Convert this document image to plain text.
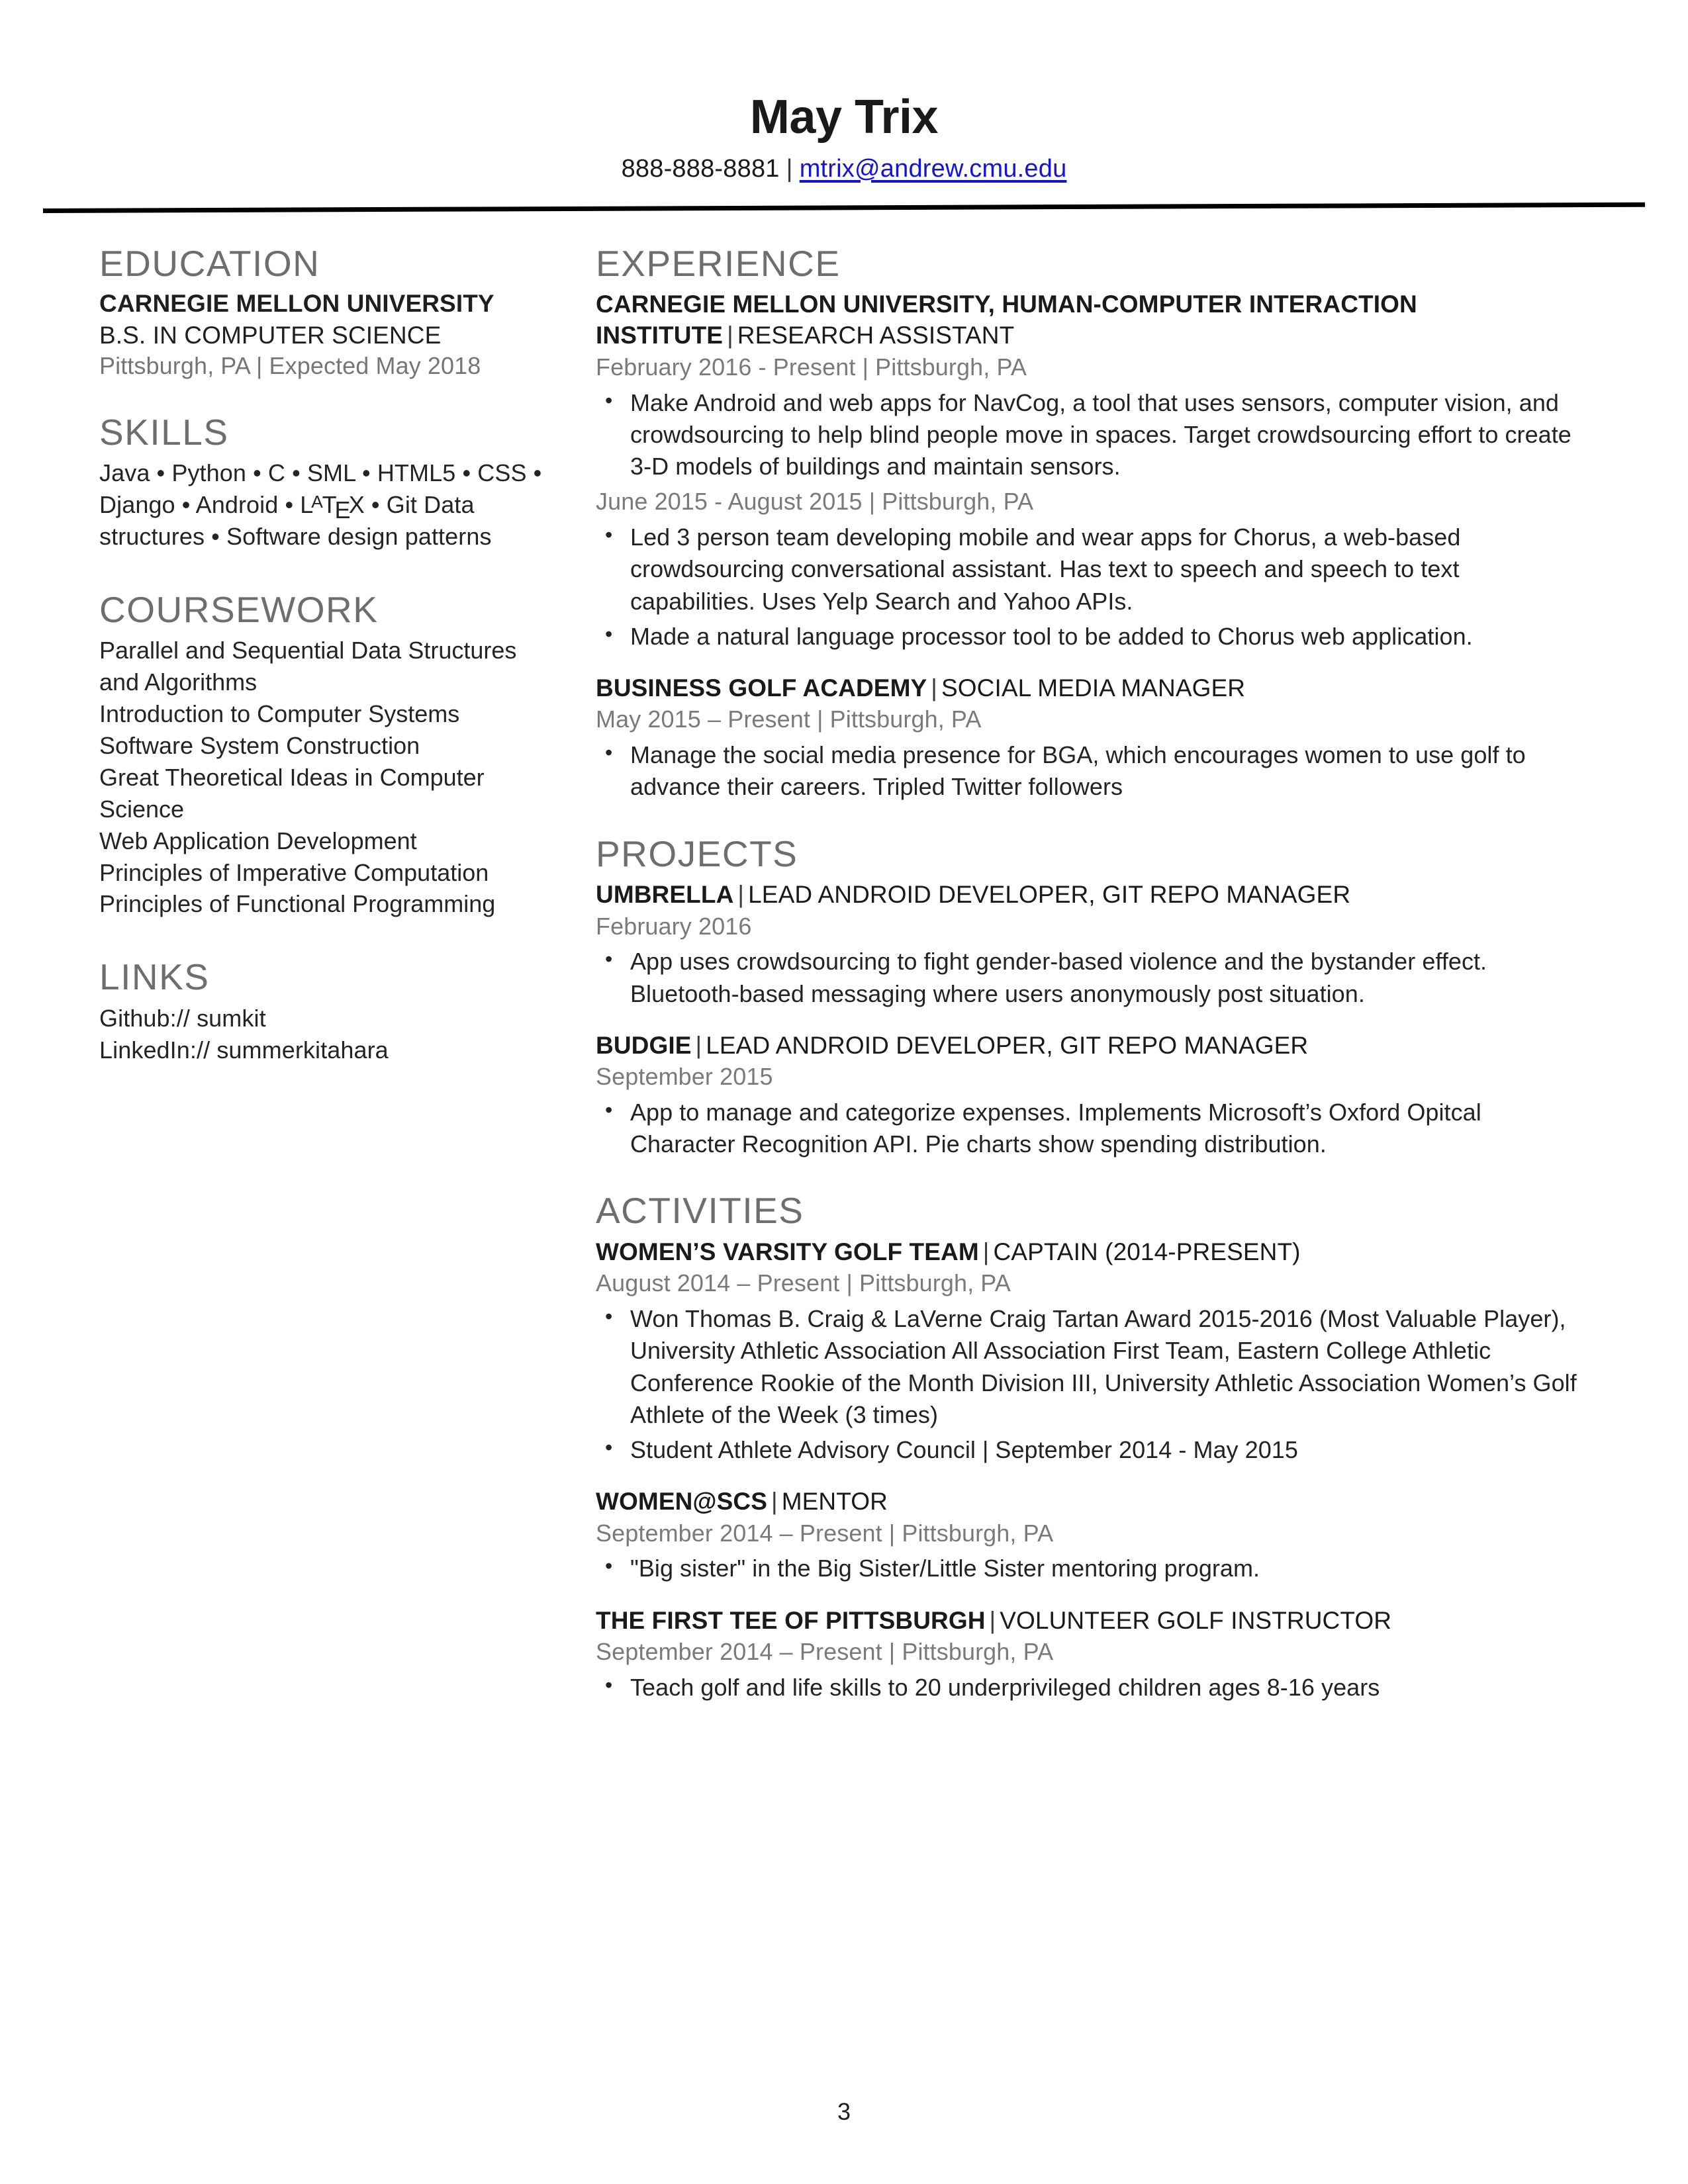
May Trix
888-888-8881 | mtrix@andrew.cmu.edu
EDUCATION
CARNEGIE MELLON UNIVERSITY
B.S. IN COMPUTER SCIENCE
Pittsburgh, PA | Expected May 2018
SKILLS
Java • Python • C • SML • HTML5 • CSS • Django • Android • $L^ATEX$ • Git Data structures • Software design patterns
COURSEWORK
Parallel and Sequential Data Structures and Algorithms
Introduction to Computer Systems
Software System Construction
Great Theoretical Ideas in Computer Science
Web Application Development
Principles of Imperative Computation
Principles of Functional Programming
LINKS
Github:// sumkit
LinkedIn:// summerkitahara
EXPERIENCE
CARNEGIE MELLON UNIVERSITY, HUMAN-COMPUTER INTERACTION INSTITUTE | RESEARCH ASSISTANT
February 2016 - Present | Pittsburgh, PA
• Make Android and web apps for NavCog, a tool that uses sensors, computer vision, and crowdsourcing to help blind people move in spaces. Target crowdsourcing effort to create 3-D models of buildings and maintain sensors.
June 2015 - August 2015 | Pittsburgh, PA
• Led 3 person team developing mobile and wear apps for Chorus, a web-based crowdsourcing conversational assistant. Has text to speech and speech to text capabilities. Uses Yelp Search and Yahoo APIs.
• Made a natural language processor tool to be added to Chorus web application.
BUSINESS GOLF ACADEMY | SOCIAL MEDIA MANAGER
May 2015 – Present | Pittsburgh, PA
• Manage the social media presence for BGA, which encourages women to use golf to advance their careers. Tripled Twitter followers
PROJECTS
UMBRELLA | LEAD ANDROID DEVELOPER, GIT REPO MANAGER
February 2016
• App uses crowdsourcing to fight gender-based violence and the bystander effect. Bluetooth-based messaging where users anonymously post situation.
BUDGIE | LEAD ANDROID DEVELOPER, GIT REPO MANAGER
September 2015
• App to manage and categorize expenses. Implements Microsoft’s Oxford Opitcal Character Recognition API. Pie charts show spending distribution.
ACTIVITIES
WOMEN’S VARSITY GOLF TEAM | CAPTAIN (2014-PRESENT)
August 2014 – Present | Pittsburgh, PA
• Won Thomas B. Craig & LaVerne Craig Tartan Award 2015-2016 (Most Valuable Player), University Athletic Association All Association First Team, Eastern College Athletic Conference Rookie of the Month Division III, University Athletic Association Women’s Golf Athlete of the Week (3 times)
• Student Athlete Advisory Council | September 2014 - May 2015
WOMEN@SCS | MENTOR
September 2014 – Present | Pittsburgh, PA
• "Big sister" in the Big Sister/Little Sister mentoring program.
THE FIRST TEE OF PITTSBURGH | VOLUNTEER GOLF INSTRUCTOR
September 2014 – Present | Pittsburgh, PA
• Teach golf and life skills to 20 underprivileged children ages 8-16 years
3
